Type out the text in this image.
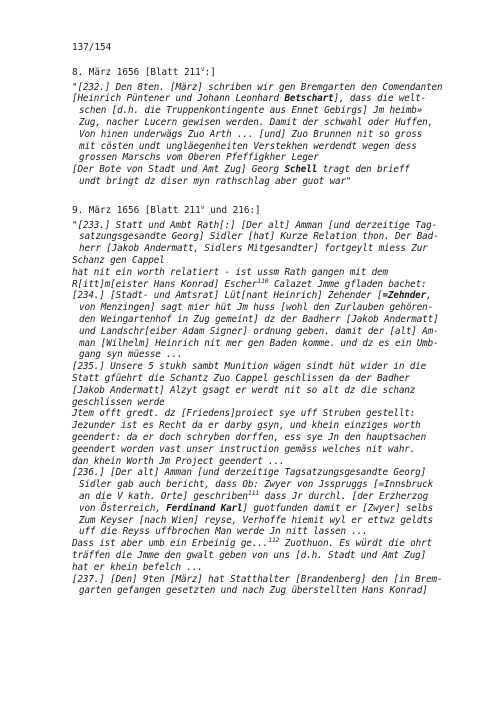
137/154
8. März 1656 [Blatt 211$^v$:]
"[232.] Den 8ten. [März] schriben wir gen Bremgarten den Comendanten
[Heinrich Püntener und Johann Leonhard Betschart], dass die welt-
schen [d.h. die Truppenkontingente aus Ennet Gebirgs] Jm heimb»
Zug, nacher Lucern gewisen werden. Damit der schwahl oder Huffen,
Von hinen underwägs Zuo Arth ... [und] Zuo Brunnen nit so gross
mit cösten undt ungläegenheiten Verstekhen werdendt wegen dess
grossen Marschs vom Oberen Pfeffigkher Leger
[Der Bote von Stadt und Amt Zug] Georg Schell tragt den brieff
undt bringt dz diser myn rathschlag aber guot war"
9. März 1656 [Blatt 211$^v$ und 216:]
"[233.] Statt und Ambt Rath[:] [Der alt] Amman [und derzeitige Tag-
satzungsgesandte Georg] Sidler [hat] Kurze Relation thon. Der Bad-
herr [Jakob Andermatt, Sidlers Mitgesandter] fortgeylt miess Zur
Schanz gen Cappel
hat nit ein worth relatiert - ist ussm Rath gangen mit dem
R[itt]m[eister Hans Konrad] Escher$^{110}$ Calazet Jmme gfladen bachet:
[234.] [Stadt- und Amtsrat] Lüt[nant Heinrich] Zehender [=Zehnder,
von Menzingen] sagt mier hüt Jm huss [wohl den Zurlauben gehören-
den Weingartenhof in Zug gemeint] dz der Badherr [Jakob Andermatt]
und Landschr[eiber Adam Signer] ordnung geben. damit der [alt] Am-
man [Wilhelm] Heinrich nit mer gen Baden komme. und dz es ein Umb-
gang syn müesse ...
[235.] Unsere 5 stukh sambt Munition wägen sindt hüt wider in die
Statt gfüehrt die Schantz Zuo Cappel geschlissen da der Badher
[Jakob Andermatt] Alzyt gsagt er werdt nit so alt dz die schanz
geschlissen werde
Jtem offt gredt. dz [Friedens]proiect sye uff Struben gestellt:
Jezunder ist es Recht da er darby gsyn, und khein einziges worth
geendert: da er doch schryben dorffen, ess sye Jn den hauptsachen
geendert worden vast unser instruction gemäss welches nit wahr.
dan khein Worth Jm Project geendert ...
[236.] [Der alt] Amman [und derzeitige Tagsatzungsgesandte Georg]
Sidler gab auch bericht, dass Ob: Zwyer von Jsspruggs [=Innsbruck
an die V kath. Orte] geschriben$^{111}$ dass Jr durchl. [der Erzherzog
von Österreich, Ferdinand Karl] guotfunden damit er [Zwyer] selbs
Zum Keyser [nach Wien] reyse, Verhoffe hiemit wyl er ettwz geldts
uff die Reyss uffbrochen Man werde Jn nitt lassen ...
Dass ist aber umb ein Erbeinig ge...$^{112}$ Zuothuon. Es würdt die ohrt
träffen die Jmme den gwalt geben von uns [d.h. Stadt und Amt Zug]
hat er khein befelch ...
[237.] [Den] 9ten [März] hat Statthalter [Brandenberg] den [in Brem-
garten gefangen gesetzten und nach Zug überstellten Hans Konrad]
